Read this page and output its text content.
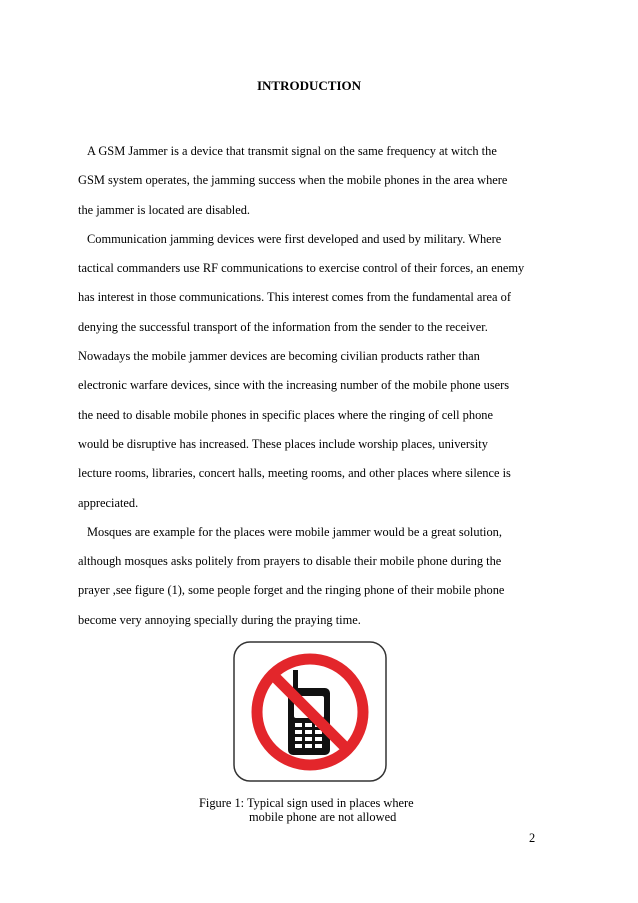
INTRODUCTION
A GSM Jammer is a device that transmit signal on the same frequency at witch the
GSM system operates, the jamming success when the mobile phones in the area where
the jammer is located are disabled.
Communication jamming devices were first developed and used by military. Where
tactical commanders use RF communications to exercise control of their forces, an enemy
has interest in those communications. This interest comes from the fundamental area of
denying the successful transport of the information from the sender to the receiver.
Nowadays the mobile jammer devices are becoming civilian products rather than
electronic warfare devices, since with the increasing number of the mobile phone users
the need to disable mobile phones in specific places where the ringing of cell phone
would be disruptive has increased. These places include worship places, university
lecture rooms, libraries, concert halls, meeting rooms, and other places where silence is
appreciated.
Mosques are example for the places were mobile jammer would be a great solution,
although mosques asks politely from prayers to disable their mobile phone during the
prayer ,see figure (1), some people forget and the ringing phone of their mobile phone
become very annoying specially during the praying time.
Figure 1: Typical sign used in places where
mobile phone are not allowed
2
